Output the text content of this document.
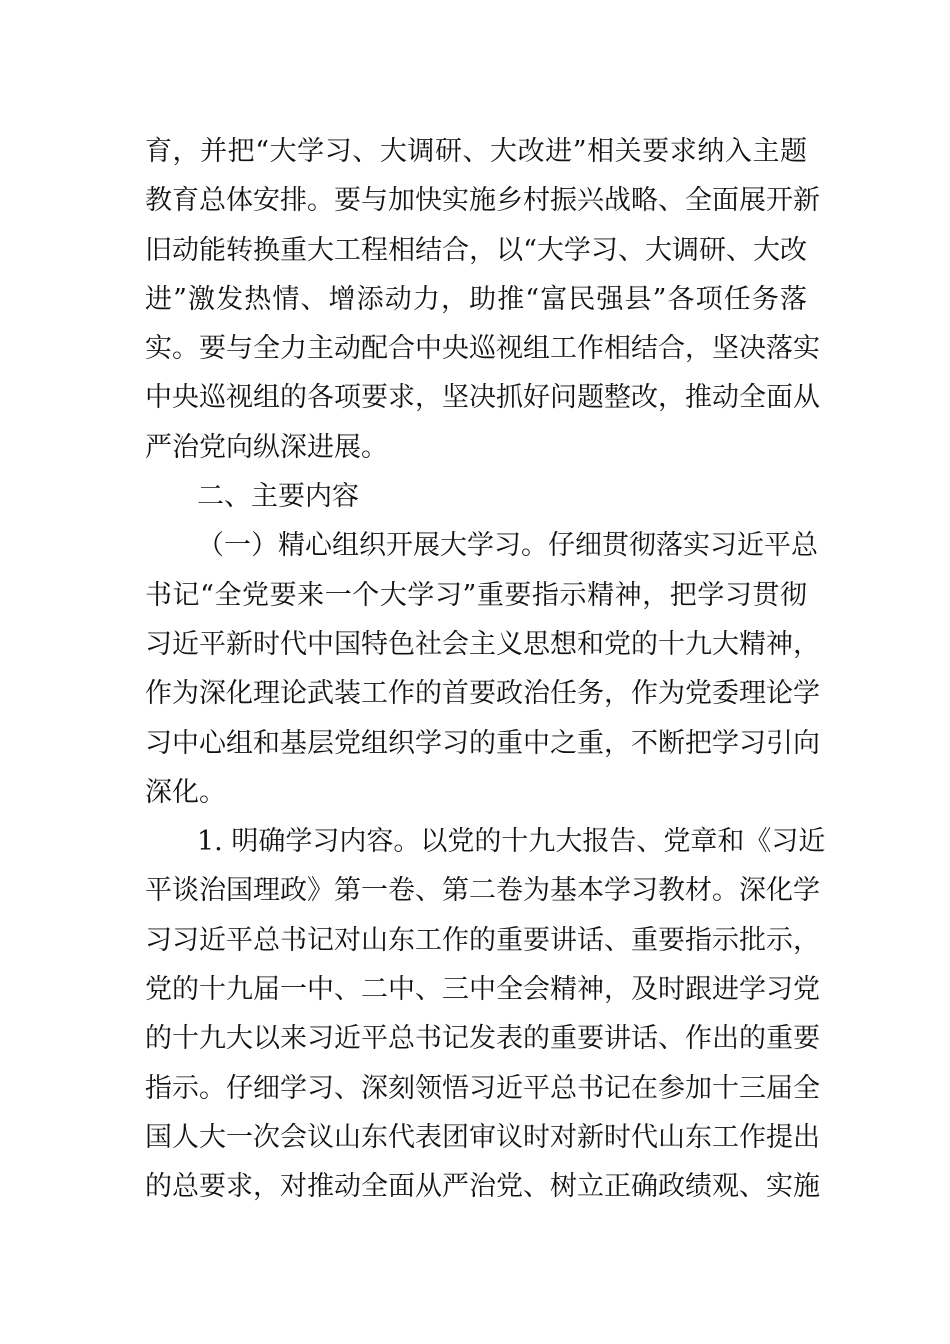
育，并把“大学习、大调研、大改进”相关要求纳入主题
教育总体安排。要与加快实施乡村振兴战略、全面展开新
旧动能转换重大工程相结合，以“大学习、大调研、大改
进”激发热情、增添动力，助推“富民强县”各项任务落
实。要与全力主动配合中央巡视组工作相结合，坚决落实
中央巡视组的各项要求，坚决抓好问题整改，推动全面从
严治党向纵深进展。
二、主要内容
（一）精心组织开展大学习。仔细贯彻落实习近平总
书记“全党要来一个大学习”重要指示精神，把学习贯彻
习近平新时代中国特色社会主义思想和党的十九大精神，
作为深化理论武装工作的首要政治任务，作为党委理论学
习中心组和基层党组织学习的重中之重，不断把学习引向
深化。
1. 明确学习内容。以党的十九大报告、党章和《习近
平谈治国理政》第一卷、第二卷为基本学习教材。深化学
习习近平总书记对山东工作的重要讲话、重要指示批示，
党的十九届一中、二中、三中全会精神，及时跟进学习党
的十九大以来习近平总书记发表的重要讲话、作出的重要
指示。仔细学习、深刻领悟习近平总书记在参加十三届全
国人大一次会议山东代表团审议时对新时代山东工作提出
的总要求，对推动全面从严治党、树立正确政绩观、实施
